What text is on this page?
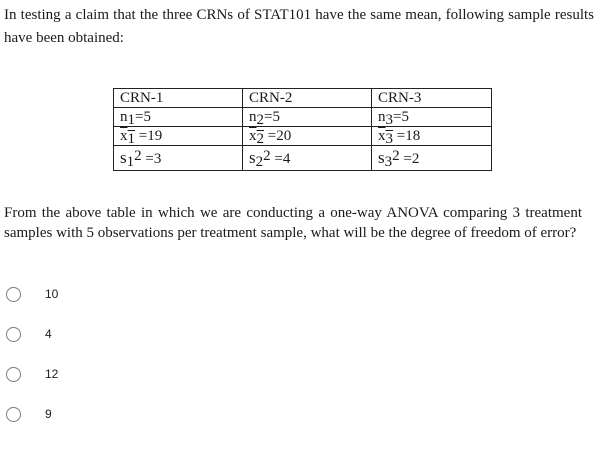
In testing a claim that the three CRNs of STAT101 have the same mean, following sample results have been obtained:
CRN-1	CRN-2	CRN-3
n1=5	n2=5	n3=5
x1 =19	x2 =20	x3 =18
s12 =3	s22 =4	s32 =2
From the above table in which we are conducting a one-way ANOVA comparing 3 treatment samples with 5 observations per treatment sample, what will be the degree of freedom of error?
10
4
12
9
